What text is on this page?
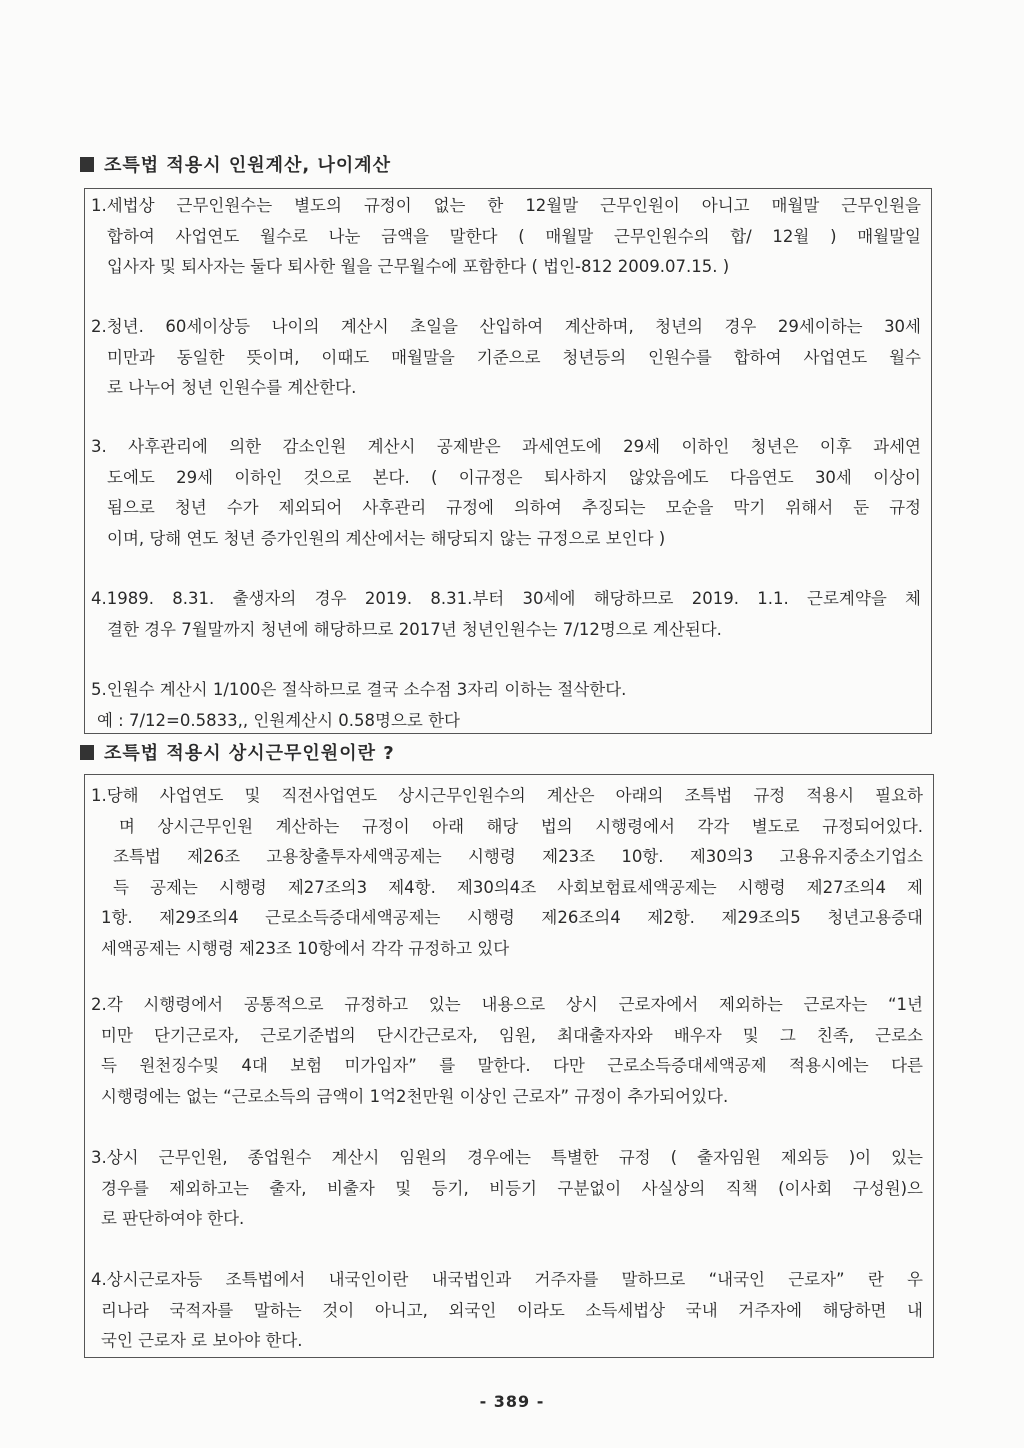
조특법 적용시 인원계산, 나이계산
1.세법상 근무인원수는 별도의 규정이 없는 한 12월말 근무인원이 아니고 매월말 근무인원을
합하여 사업연도 월수로 나눈 금액을 말한다 ( 매월말 근무인원수의 합/ 12월 ) 매월말일
입사자 및 퇴사자는 둘다 퇴사한 월을 근무월수에 포함한다 ( 법인-812 2009.07.15. )
2.청년. 60세이상등 나이의 계산시 초일을 산입하여 계산하며, 청년의 경우 29세이하는 30세
미만과 동일한 뜻이며, 이때도 매월말을 기준으로 청년등의 인원수를 합하여 사업연도 월수
로 나누어 청년 인원수를 계산한다.
3. 사후관리에 의한 감소인원 계산시 공제받은 과세연도에 29세 이하인 청년은 이후 과세연
도에도 29세 이하인 것으로 본다. ( 이규정은 퇴사하지 않았음에도 다음연도 30세 이상이
됨으로 청년 수가 제외되어 사후관리 규정에 의하여 추징되는 모순을 막기 위해서 둔 규정
이며, 당해 연도 청년 증가인원의 계산에서는 해당되지 않는 규정으로 보인다 )
4.1989. 8.31. 출생자의 경우 2019. 8.31.부터 30세에 해당하므로 2019. 1.1. 근로계약을 체
결한 경우 7월말까지 청년에 해당하므로 2017년 청년인원수는 7/12명으로 계산된다.
5.인원수 계산시 1/100은 절삭하므로 결국 소수점 3자리 이하는 절삭한다.
예 : 7/12=0.5833,, 인원계산시 0.58명으로 한다
조특법 적용시 상시근무인원이란 ?
1.당해 사업연도 및 직전사업연도 상시근무인원수의 계산은 아래의 조특법 규정 적용시 필요하
며 상시근무인원 계산하는 규정이 아래 해당 법의 시행령에서 각각 별도로 규정되어있다.
조특법 제26조 고용창출투자세액공제는 시행령 제23조 10항. 제30의3 고용유지중소기업소
득 공제는 시행령 제27조의3 제4항. 제30의4조 사회보험료세액공제는 시행령 제27조의4 제
1항. 제29조의4 근로소득증대세액공제는 시행령 제26조의4 제2항. 제29조의5 청년고용증대
세액공제는 시행령 제23조 10항에서 각각 규정하고 있다
2.각 시행령에서 공통적으로 규정하고 있는 내용으로 상시 근로자에서 제외하는 근로자는 “1년
미만 단기근로자, 근로기준법의 단시간근로자, 임원, 최대출자자와 배우자 및 그 친족, 근로소
득 원천징수및 4대 보험 미가입자” 를 말한다. 다만 근로소득증대세액공제 적용시에는 다른
시행령에는 없는 “근로소득의 금액이 1억2천만원 이상인 근로자” 규정이 추가되어있다.
3.상시 근무인원, 종업원수 계산시 임원의 경우에는 특별한 규정 ( 출자임원 제외등 )이 있는
경우를 제외하고는 출자, 비출자 및 등기, 비등기 구분없이 사실상의 직책 (이사회 구성원)으
로 판단하여야 한다.
4.상시근로자등 조특법에서 내국인이란 내국법인과 거주자를 말하므로 “내국인 근로자” 란 우
리나라 국적자를 말하는 것이 아니고, 외국인 이라도 소득세법상 국내 거주자에 해당하면 내
국인 근로자 로 보아야 한다.
- 389 -
